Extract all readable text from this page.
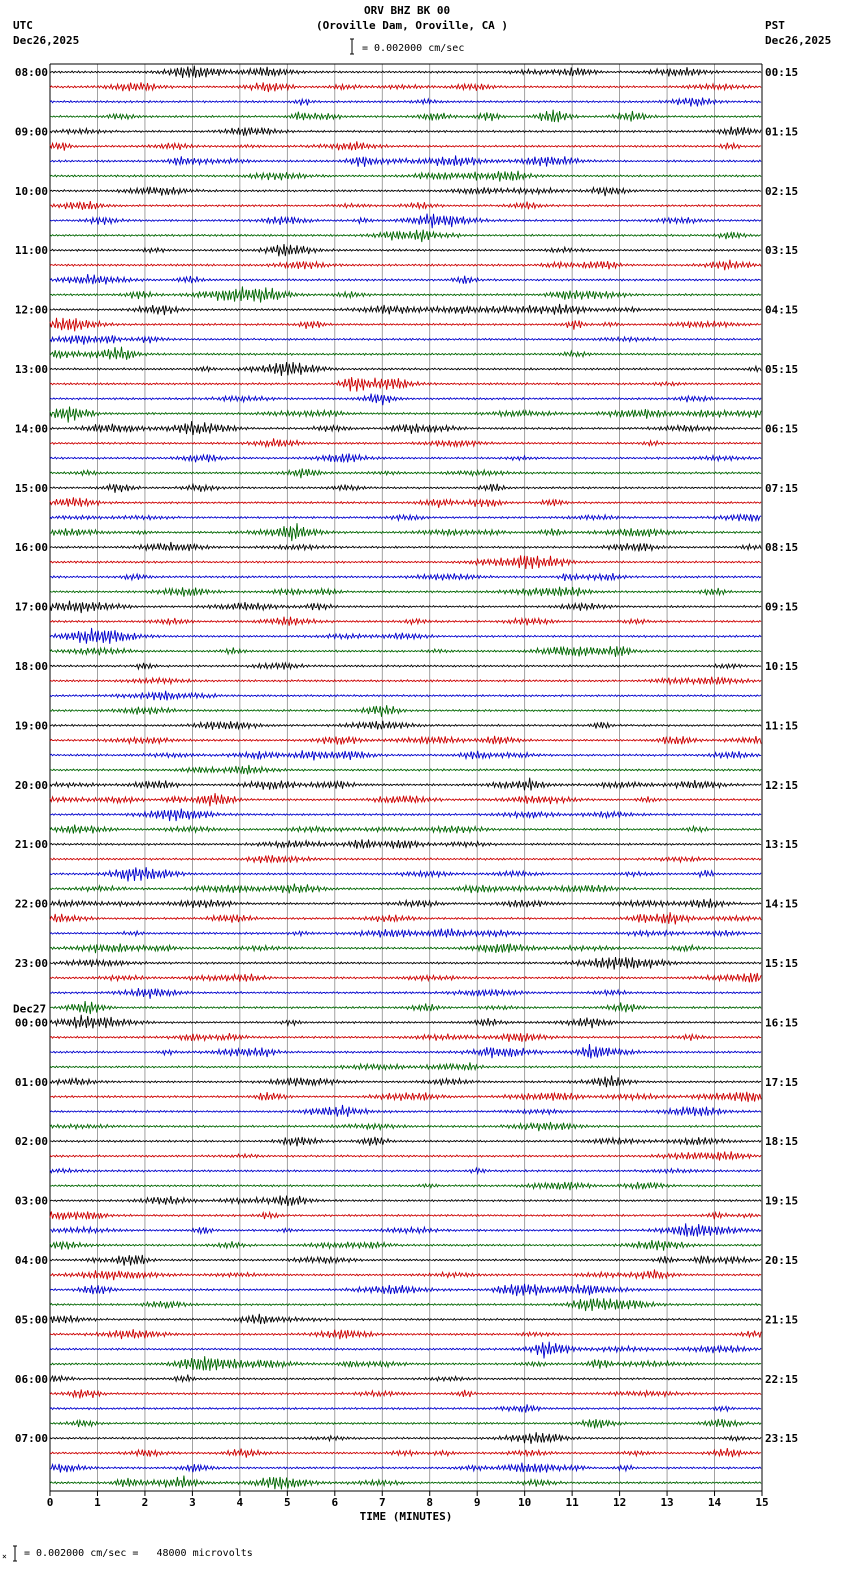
ORV BHZ BK 00
(Oroville Dam, Oroville, CA )
UTC
Dec26,2025
PST
Dec26,2025
= 0.002000 cm/sec
= 0.002000 cm/sec =   48000 microvolts
08:00
09:00
10:00
11:00
12:00
13:00
14:00
15:00
16:00
17:00
18:00
19:00
20:00
21:00
22:00
23:00
00:00
01:00
02:00
03:00
04:00
05:00
06:00
07:00
00:15
01:15
02:15
03:15
04:15
05:15
06:15
07:15
08:15
09:15
10:15
11:15
12:15
13:15
14:15
15:15
16:15
17:15
18:15
19:15
20:15
21:15
22:15
23:15
Dec27
0	1	2	3	4	5	6	7	8	9	10	11	12	13	14	15
TIME (MINUTES)
×
